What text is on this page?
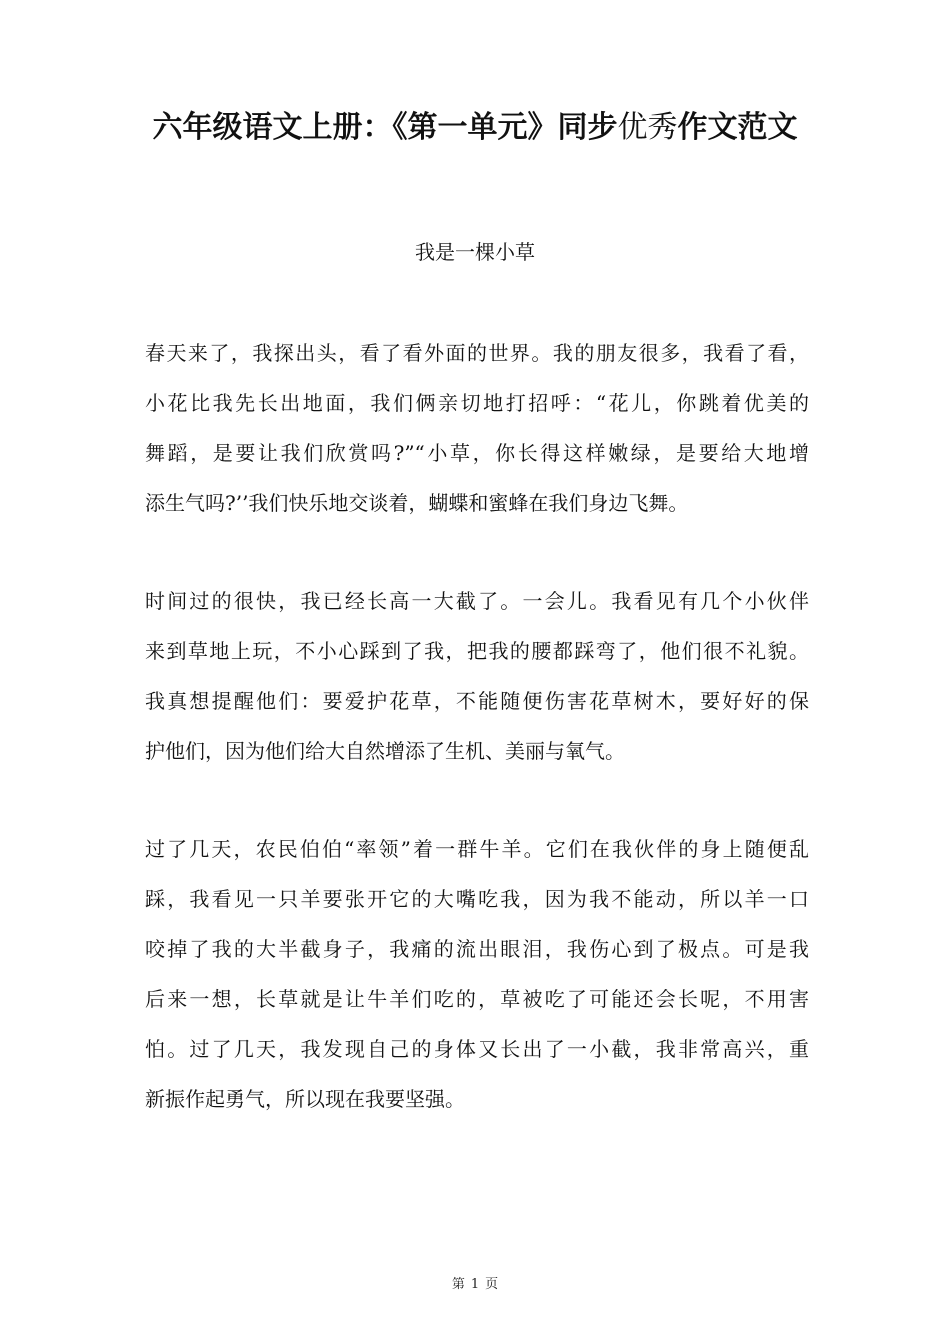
六年级语文上册：《第一单元》同步优秀作文范文
我是一棵小草
春天来了，我探出头，看了看外面的世界。我的朋友很多，我看了看，
小花比我先长出地面，我们俩亲切地打招呼：“花儿，你跳着优美的
舞蹈，是要让我们欣赏吗?”“小草，你长得这样嫩绿，是要给大地增
添生气吗?’’我们快乐地交谈着，蝴蝶和蜜蜂在我们身边飞舞。
时间过的很快，我已经长高一大截了。一会儿。我看见有几个小伙伴
来到草地上玩，不小心踩到了我，把我的腰都踩弯了，他们很不礼貌。
我真想提醒他们：要爱护花草，不能随便伤害花草树木，要好好的保
护他们，因为他们给大自然增添了生机、美丽与氧气。
过了几天，农民伯伯“率领”着一群牛羊。它们在我伙伴的身上随便乱
踩，我看见一只羊要张开它的大嘴吃我，因为我不能动，所以羊一口
咬掉了我的大半截身子，我痛的流出眼泪，我伤心到了极点。可是我
后来一想，长草就是让牛羊们吃的，草被吃了可能还会长呢，不用害
怕。过了几天，我发现自己的身体又长出了一小截，我非常高兴，重
新振作起勇气，所以现在我要坚强。
第 1 页
